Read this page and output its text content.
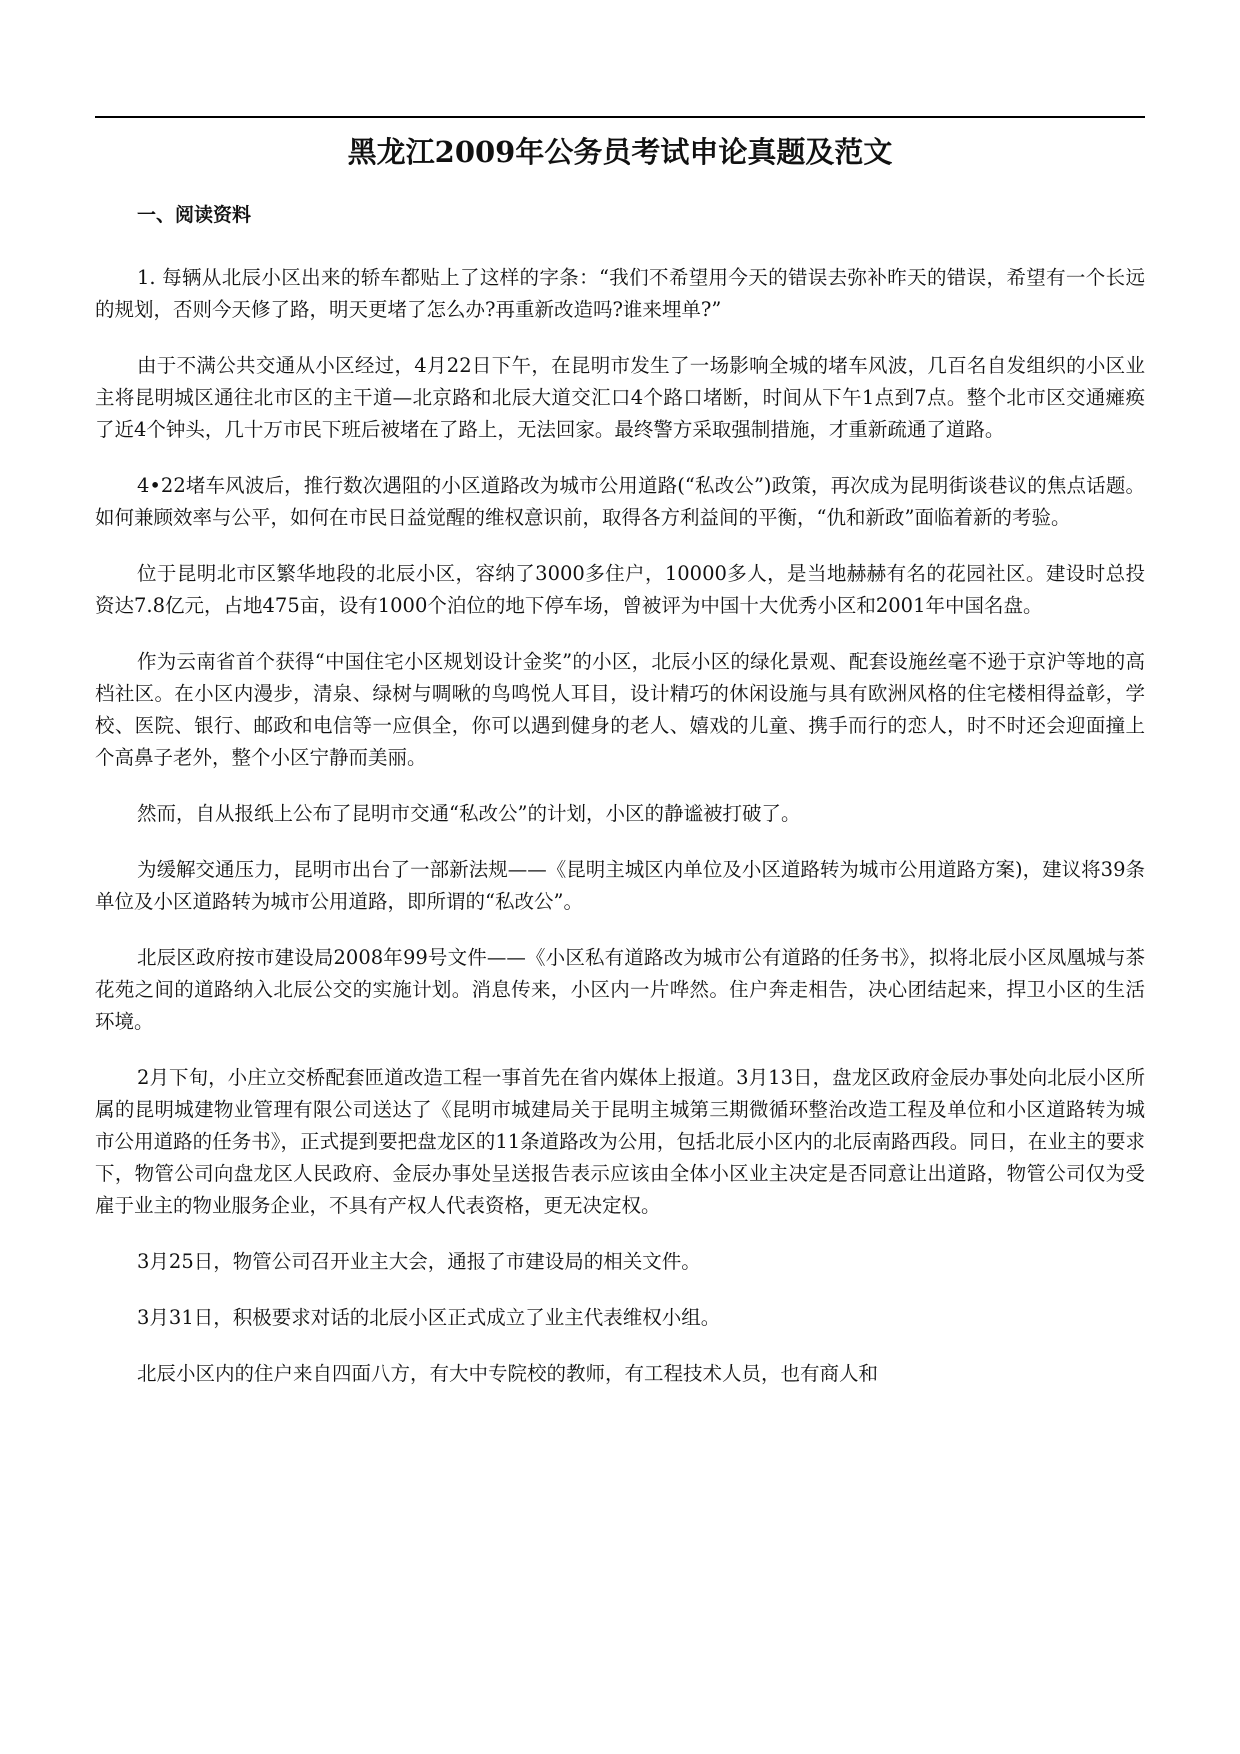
黑龙江2009年公务员考试申论真题及范文
一、阅读资料

1. 每辆从北辰小区出来的轿车都贴上了这样的字条：“我们不希望用今天的错误去弥补昨天的错误，希望有一个长远的规划，否则今天修了路，明天更堵了怎么办?再重新改造吗?谁来埋单?”

由于不满公共交通从小区经过，4月22日下午，在昆明市发生了一场影响全城的堵车风波，几百名自发组织的小区业主将昆明城区通往北市区的主干道—北京路和北辰大道交汇口4个路口堵断，时间从下午1点到7点。整个北市区交通瘫痪了近4个钟头，几十万市民下班后被堵在了路上，无法回家。最终警方采取强制措施，才重新疏通了道路。

4•22堵车风波后，推行数次遇阻的小区道路改为城市公用道路(“私改公”)政策，再次成为昆明街谈巷议的焦点话题。如何兼顾效率与公平，如何在市民日益觉醒的维权意识前，取得各方利益间的平衡，“仇和新政”面临着新的考验。

位于昆明北市区繁华地段的北辰小区，容纳了3000多住户，10000多人，是当地赫赫有名的花园社区。建设时总投资达7.8亿元，占地475亩，设有1000个泊位的地下停车场，曾被评为中国十大优秀小区和2001年中国名盘。

作为云南省首个获得“中国住宅小区规划设计金奖”的小区，北辰小区的绿化景观、配套设施丝毫不逊于京沪等地的高档社区。在小区内漫步，清泉、绿树与啁啾的鸟鸣悦人耳目，设计精巧的休闲设施与具有欧洲风格的住宅楼相得益彰，学校、医院、银行、邮政和电信等一应俱全，你可以遇到健身的老人、嬉戏的儿童、携手而行的恋人，时不时还会迎面撞上个高鼻子老外，整个小区宁静而美丽。

然而，自从报纸上公布了昆明市交通“私改公”的计划，小区的静谧被打破了。

为缓解交通压力，昆明市出台了一部新法规——《昆明主城区内单位及小区道路转为城市公用道路方案)，建议将39条单位及小区道路转为城市公用道路，即所谓的“私改公”。

北辰区政府按市建设局2008年99号文件——《小区私有道路改为城市公有道路的任务书》，拟将北辰小区凤凰城与茶花苑之间的道路纳入北辰公交的实施计划。消息传来，小区内一片哗然。住户奔走相告，决心团结起来，捍卫小区的生活环境。

2月下旬，小庄立交桥配套匝道改造工程一事首先在省内媒体上报道。3月13日，盘龙区政府金辰办事处向北辰小区所属的昆明城建物业管理有限公司送达了《昆明市城建局关于昆明主城第三期微循环整治改造工程及单位和小区道路转为城市公用道路的任务书》，正式提到要把盘龙区的11条道路改为公用，包括北辰小区内的北辰南路西段。同日，在业主的要求下，物管公司向盘龙区人民政府、金辰办事处呈送报告表示应该由全体小区业主决定是否同意让出道路，物管公司仅为受雇于业主的物业服务企业，不具有产权人代表资格，更无决定权。

3月25日，物管公司召开业主大会，通报了市建设局的相关文件。

3月31日，积极要求对话的北辰小区正式成立了业主代表维权小组。

北辰小区内的住户来自四面八方，有大中专院校的教师，有工程技术人员，也有商人和
